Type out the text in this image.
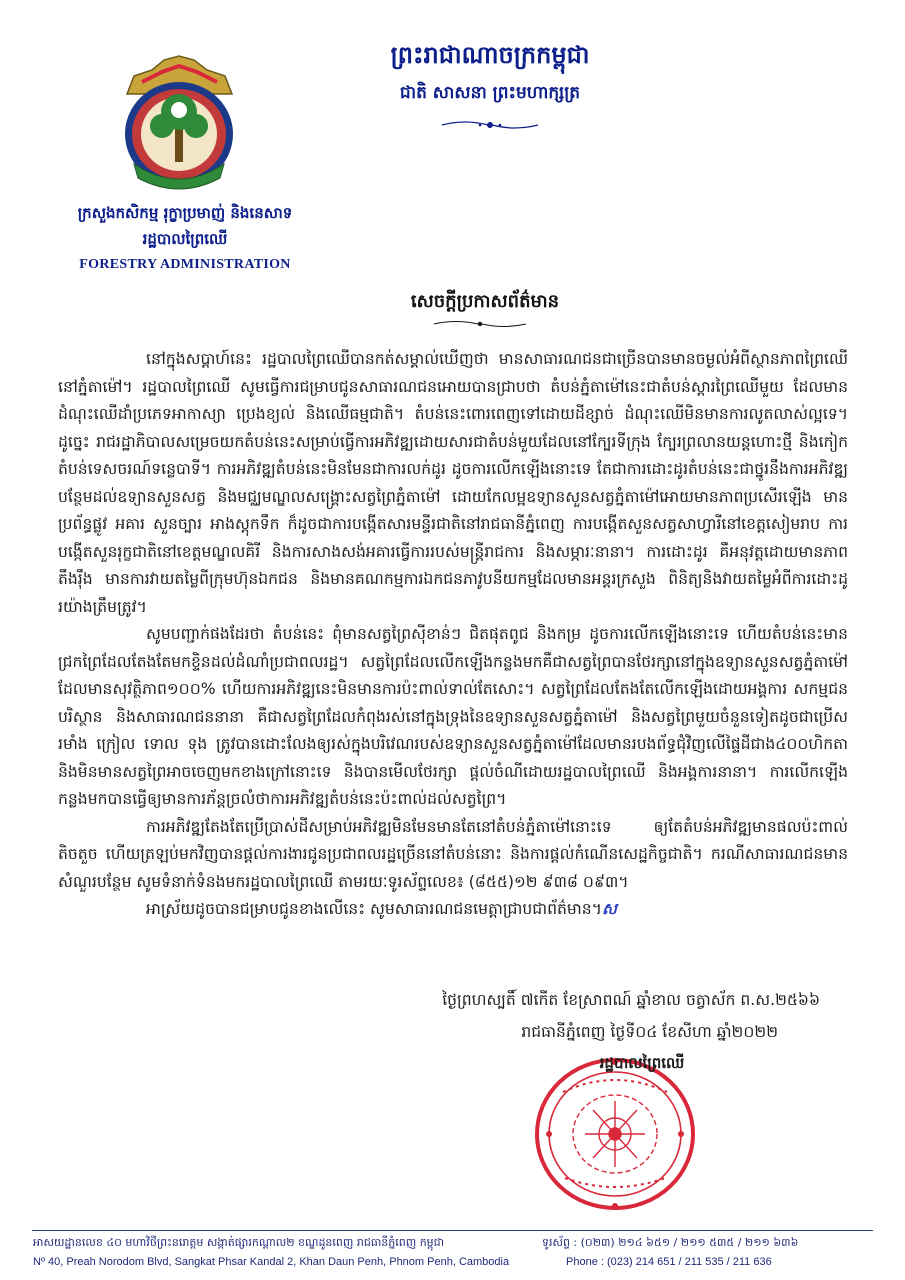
ព្រះរាជាណាចក្រកម្ពុជា
ជាតិ សាសនា ព្រះមហាក្សត្រ
ក្រសួងកសិកម្ម រុក្ខាប្រមាញ់ និងនេសាទ
រដ្ឋបាលព្រៃឈើ
FORESTRY ADMINISTRATION
សេចក្តីប្រកាសព័ត៌មាន

នៅក្នុងសប្តាហ៍នេះ រដ្ឋបាលព្រៃឈើបានកត់សម្គាល់ឃើញថា មានសាធារណជនជាច្រើនបានមានចម្ងល់អំពីស្ថានភាពព្រៃឈើនៅភ្នំតាម៉ៅ។ រដ្ឋបាលព្រៃឈើ សូមធ្វើការជម្រាបជូនសាធារណជនអោយបានជ្រាបថា តំបន់ភ្នំតាម៉ៅនេះជាតំបន់ស្តារព្រៃឈើមួយ ដែលមានដំណុះឈើដាំប្រភេទអាកាស្យា ប្រេងខ្យល់ និងឈើធម្មជាតិ។ តំបន់នេះពោរពេញទៅដោយដីខ្សាច់ ដំណុះឈើមិនមានការលូតលាស់ល្អទេ។ ដូច្នេះ រាជរដ្ឋាភិបាលសម្រេចយកតំបន់នេះសម្រាប់ធ្វើការអភិវឌ្ឍដោយសារជាតំបន់មួយដែលនៅក្បែរទីក្រុង ក្បែរព្រលានយន្តហោះថ្មី និងកៀកតំបន់ទេសចរណ៍ទន្លេបាទី។ ការអភិវឌ្ឍតំបន់នេះមិនមែនជាការលក់ដូរ ដូចការលើកឡើងនោះទេ តែជាការដោះដូរតំបន់នេះជាថ្នូរនឹងការអភិវឌ្ឍបន្ថែមដល់ឧទ្យានសួនសត្វ និងមជ្ឈមណ្ឌលសង្គ្រោះសត្វព្រៃភ្នំតាម៉ៅ ដោយកែលម្អឧទ្យានសួនសត្វភ្នំតាម៉ៅអោយមានភាពប្រសើរឡើង មានប្រព័ន្ធផ្លូវ អគារ សួនច្បារ អាងស្តុកទឹក ក៏ដូចជាការបង្កើតសារមន្ទីរជាតិនៅរាជធានីភ្នំពេញ ការបង្កើតសួនសត្វសាហ្វារីនៅខេត្តសៀមរាប ការបង្កើតសួនរុក្ខជាតិនៅខេត្តមណ្ឌលគិរី និងការសាងសង់អគារធ្វើការរបស់មន្ត្រីរាជការ និងសម្ភារៈនានា។ ការដោះដូរ គឺអនុវត្តដោយមានភាពតឹងរ៉ឹង មានការវាយតម្លៃពីក្រុមហ៊ុនឯកជន និងមានគណកម្មការឯកជនភាវូបនីយកម្មដែលមានអន្តរក្រសួង ពិនិត្យនិងវាយតម្លៃអំពីការដោះដូរយ៉ាងត្រឹមត្រូវ។

សូមបញ្ជាក់ផងដែរថា តំបន់នេះ ពុំមានសត្វព្រៃស៊ីខាន់ៗ ជិតផុតពូជ និងកម្រ ដូចការលើកឡើងនោះទេ ហើយតំបន់នេះមានជ្រកព្រៃដែលតែងតែមកខ្ទិនដល់ដំណាំប្រជាពលរដ្ឋ។ សត្វព្រៃដែលលើកឡើងកន្លងមកគឺជាសត្វព្រៃបានថែរក្សានៅក្នុងឧទ្យានសួនសត្វភ្នំតាម៉ៅដែលមានសុវត្ថិភាព១០០% ហើយការអភិវឌ្ឍនេះមិនមានការប៉ះពាល់ទាល់តែសោះ។ សត្វព្រៃដែលតែងតែលើកឡើងដោយអង្គការ សកម្មជនបរិស្ថាន និងសាធារណជននានា គឺជាសត្វព្រៃដែលកំពុងរស់នៅក្នុងទ្រុងនៃឧទ្យានសួនសត្វភ្នំតាម៉ៅ និងសត្វព្រៃមួយចំនួនទៀតដូចជាប្រើស រមាំង ក្រៀល ទោល ទុង ត្រូវបានដោះលែងឲ្យរស់ក្នុងបរិវេណរបស់ឧទ្យានសួនសត្វភ្នំតាម៉ៅដែលមានរបងព័ទ្ធជុំវិញលើផ្ទៃដីជាង៤០០ហិកតា និងមិនមានសត្វព្រៃអាចចេញមកខាងក្រៅនោះទេ និងបានមើលថែរក្សា ផ្តល់ចំណីដោយរដ្ឋបាលព្រៃឈើ និងអង្គការនានា។ ការលើកឡើងកន្លងមកបានធ្វើឲ្យមានការភ័ន្តច្រលំថាការអភិវឌ្ឍតំបន់នេះប៉ះពាល់ដល់សត្វព្រៃ។

ការអភិវឌ្ឍតែងតែប្រើប្រាស់ដីសម្រាប់អភិវឌ្ឍមិនមែនមានតែនៅតំបន់ភ្នំតាម៉ៅនោះទេ ឲ្យតែតំបន់អភិវឌ្ឍមានផលប៉ះពាល់តិចតួច ហើយត្រឡប់មកវិញបានផ្តល់ការងារជូនប្រជាពលរដ្ឋច្រើននៅតំបន់នោះ និងការផ្តល់កំណើនសេដ្ឋកិច្ចជាតិ។ ករណីសាធារណជនមានសំណួរបន្ថែម សូមទំនាក់ទំនងមករដ្ឋបាលព្រៃឈើ តាមរយៈទូរស័ព្ទលេខ៖ (៨៥៥)១២ ៩៣៨ ០៩៣។

អាស្រ័យដូចបានជម្រាបជូនខាងលើនេះ សូមសាធារណជនមេត្តាជ្រាបជាព័ត៌មាន។ស

ថ្ងៃព្រហស្បតិ៍ ៧កើត ខែស្រាពណ៍ ឆ្នាំខាល ចត្វាស័ក ព.ស.២៥៦៦
រាជធានីភ្នំពេញ ថ្ងៃទី០៤ ខែសីហា ឆ្នាំ២០២២
រដ្ឋបាលព្រៃឈើ
អាសយដ្ឋានលេខ ៤០ មហាវិថីព្រះនរោត្តម សង្កាត់ផ្សារកណ្ដាល២ ខណ្ឌដូនពេញ រាជធានីភ្នំពេញ កម្ពុជា
Nº 40, Preah Norodom Blvd, Sangkat Phsar Kandal 2, Khan Daun Penh, Phnom Penh, Cambodia
ទូរស័ព្ទ : (០២៣) ២១៤ ៦៥១ / ២១១ ៥៣៥ / ២១១ ៦៣៦
Phone : (023) 214 651 / 211 535 / 211 636
